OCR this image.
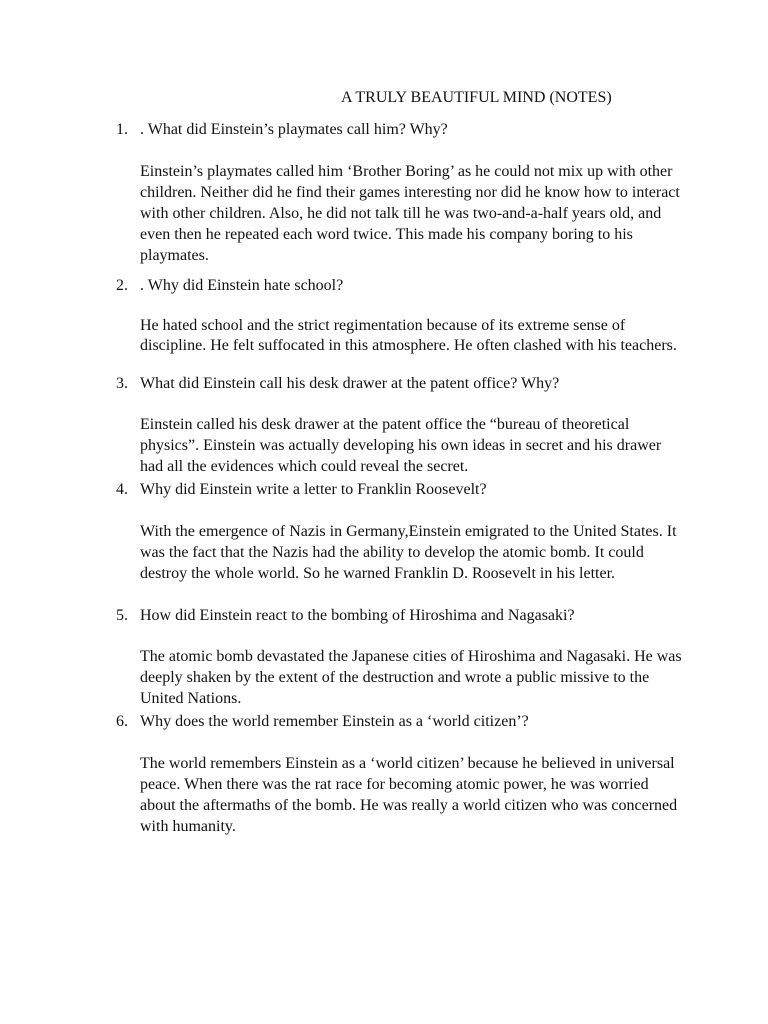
A TRULY BEAUTIFUL MIND (NOTES)
1. . What did Einstein’s playmates call him? Why?

Einstein’s playmates called him ‘Brother Boring’ as he could not mix up with other children. Neither did he find their games interesting nor did he know how to interact with other children. Also, he did not talk till he was two-and-a-half years old, and even then he repeated each word twice. This made his company boring to his playmates.

2. . Why did Einstein hate school?

He hated school and the strict regimentation because of its extreme sense of discipline. He felt suffocated in this atmosphere. He often clashed with his teachers.

3. What did Einstein call his desk drawer at the patent office? Why?

Einstein called his desk drawer at the patent office the “bureau of theoretical physics”. Einstein was actually developing his own ideas in secret and his drawer had all the evidences which could reveal the secret.

4. Why did Einstein write a letter to Franklin Roosevelt?

With the emergence of Nazis in Germany,Einstein emigrated to the United States. It was the fact that the Nazis had the ability to develop the atomic bomb. It could destroy the whole world. So he warned Franklin D. Roosevelt in his letter.

5. How did Einstein react to the bombing of Hiroshima and Nagasaki?

The atomic bomb devastated the Japanese cities of Hiroshima and Nagasaki. He was deeply shaken by the extent of the destruction and wrote a public missive to the United Nations.

6. Why does the world remember Einstein as a ‘world citizen’?

The world remembers Einstein as a ‘world citizen’ because he believed in universal peace. When there was the rat race for becoming atomic power, he was worried about the aftermaths of the bomb. He was really a world citizen who was concerned with humanity.
